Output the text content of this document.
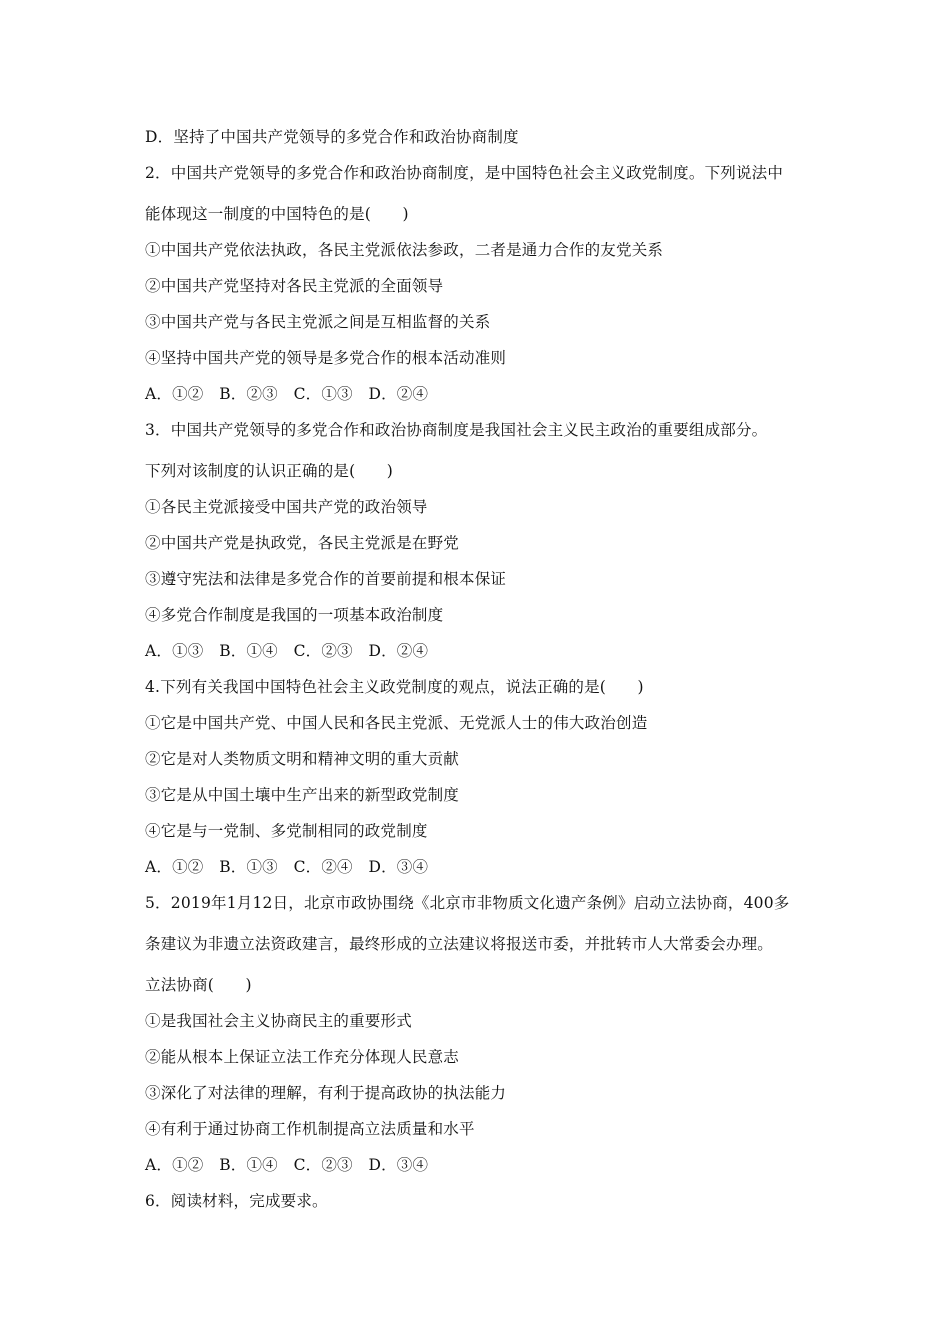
D．坚持了中国共产党领导的多党合作和政治协商制度
2．中国共产党领导的多党合作和政治协商制度，是中国特色社会主义政党制度。下列说法中
能体现这一制度的中国特色的是(　　)
①中国共产党依法执政，各民主党派依法参政，二者是通力合作的友党关系
②中国共产党坚持对各民主党派的全面领导
③中国共产党与各民主党派之间是互相监督的关系
④坚持中国共产党的领导是多党合作的根本活动准则
A．①②　B．②③　C．①③　D．②④
3．中国共产党领导的多党合作和政治协商制度是我国社会主义民主政治的重要组成部分。
下列对该制度的认识正确的是(　　)
①各民主党派接受中国共产党的政治领导
②中国共产党是执政党，各民主党派是在野党
③遵守宪法和法律是多党合作的首要前提和根本保证
④多党合作制度是我国的一项基本政治制度
A．①③　B．①④　C．②③　D．②④
4.下列有关我国中国特色社会主义政党制度的观点，说法正确的是(　　)
①它是中国共产党、中国人民和各民主党派、无党派人士的伟大政治创造
②它是对人类物质文明和精神文明的重大贡献
③它是从中国土壤中生产出来的新型政党制度
④它是与一党制、多党制相同的政党制度
A．①②　B．①③　C．②④　D．③④
5．2019年1月12日，北京市政协围绕《北京市非物质文化遗产条例》启动立法协商，400多
条建议为非遗立法资政建言，最终形成的立法建议将报送市委，并批转市人大常委会办理。
立法协商(　　)
①是我国社会主义协商民主的重要形式
②能从根本上保证立法工作充分体现人民意志
③深化了对法律的理解，有利于提高政协的执法能力
④有利于通过协商工作机制提高立法质量和水平
A．①②　B．①④　C．②③　D．③④
6．阅读材料，完成要求。
